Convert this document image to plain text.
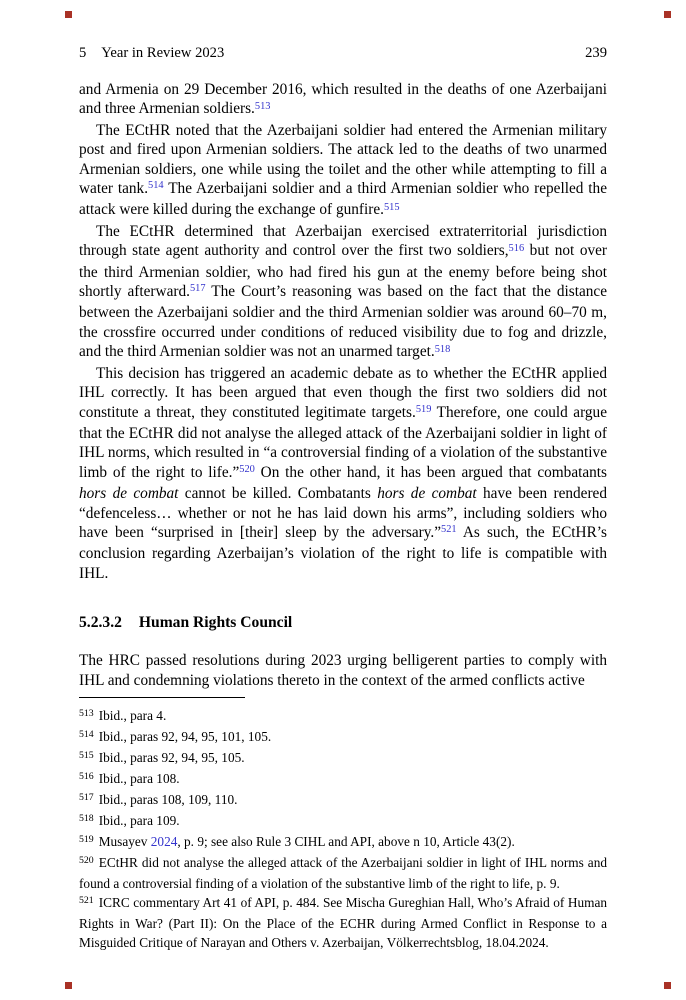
5 Year in Review 2023	239

and Armenia on 29 December 2016, which resulted in the deaths of one Azerbaijani and three Armenian soldiers.$^{513}$

The ECtHR noted that the Azerbaijani soldier had entered the Armenian military post and fired upon Armenian soldiers. The attack led to the deaths of two unarmed Armenian soldiers, one while using the toilet and the other while attempting to fill a water tank.$^{514}$ The Azerbaijani soldier and a third Armenian soldier who repelled the attack were killed during the exchange of gunfire.$^{515}$

The ECtHR determined that Azerbaijan exercised extraterritorial jurisdiction through state agent authority and control over the first two soldiers,$^{516}$ but not over the third Armenian soldier, who had fired his gun at the enemy before being shot shortly afterward.$^{517}$ The Court’s reasoning was based on the fact that the distance between the Azerbaijani soldier and the third Armenian soldier was around 60–70 m, the crossfire occurred under conditions of reduced visibility due to fog and drizzle, and the third Armenian soldier was not an unarmed target.$^{518}$

This decision has triggered an academic debate as to whether the ECtHR applied IHL correctly. It has been argued that even though the first two soldiers did not constitute a threat, they constituted legitimate targets.$^{519}$ Therefore, one could argue that the ECtHR did not analyse the alleged attack of the Azerbaijani soldier in light of IHL norms, which resulted in “a controversial finding of a violation of the substantive limb of the right to life.”$^{520}$ On the other hand, it has been argued that combatants hors de combat cannot be killed. Combatants hors de combat have been rendered “defenceless… whether or not he has laid down his arms”, including soldiers who have been “surprised in [their] sleep by the adversary.”$^{521}$ As such, the ECtHR’s conclusion regarding Azerbaijan’s violation of the right to life is compatible with IHL.

5.2.3.2 Human Rights Council

The HRC passed resolutions during 2023 urging belligerent parties to comply with IHL and condemning violations thereto in the context of the armed conflicts active

$^{513}$ Ibid., para 4.

$^{514}$ Ibid., paras 92, 94, 95, 101, 105.

$^{515}$ Ibid., paras 92, 94, 95, 105.

$^{516}$ Ibid., para 108.

$^{517}$ Ibid., paras 108, 109, 110.

$^{518}$ Ibid., para 109.

$^{519}$ Musayev 2024, p. 9; see also Rule 3 CIHL and API, above n 10, Article 43(2).

$^{520}$ ECtHR did not analyse the alleged attack of the Azerbaijani soldier in light of IHL norms and found a controversial finding of a violation of the substantive limb of the right to life, p. 9.

$^{521}$ ICRC commentary Art 41 of API, p. 484. See Mischa Gureghian Hall, Who’s Afraid of Human Rights in War? (Part II): On the Place of the ECHR during Armed Conflict in Response to a Misguided Critique of Narayan and Others v. Azerbaijan, Völkerrechtsblog, 18.04.2024.
